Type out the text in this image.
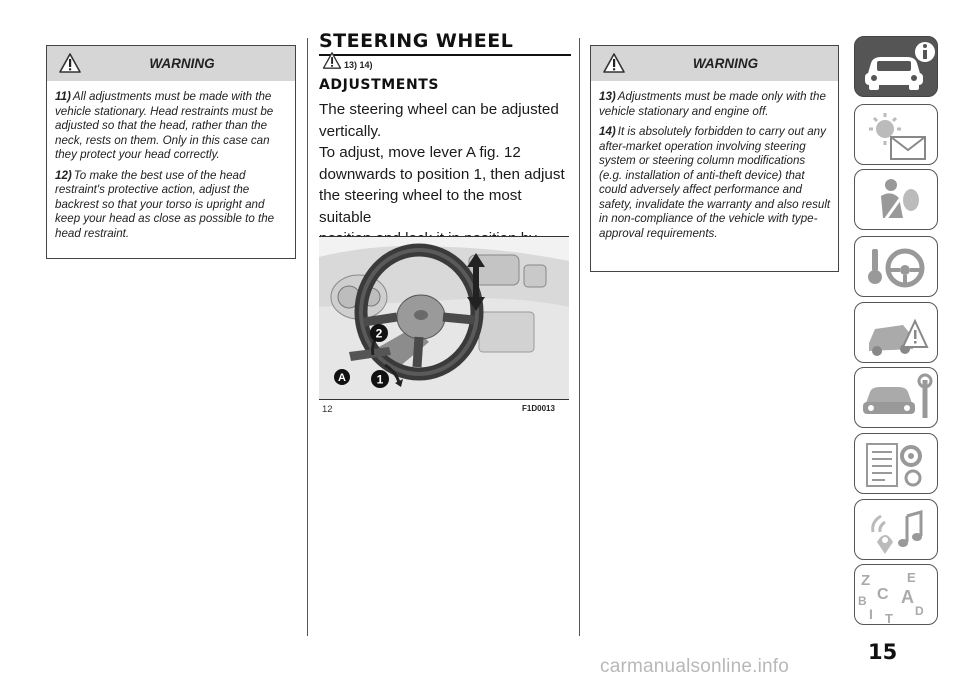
WARNING

11) All adjustments must be made with the vehicle stationary. Head restraints must be adjusted so that the head, rather than the neck, rests on them. Only in this case can they protect your head correctly.

12) To make the best use of the head restraint's protective action, adjust the backrest so that your torso is upright and keep your head as close as possible to the head restraint.

STEERING WHEEL
13) 14)
ADJUSTMENTS
The steering wheel can be adjusted
vertically.
To adjust, move lever A fig. 12
downwards to position 1, then adjust
the steering wheel to the most suitable
2
1
A
12	F1D0013
WARNING

13) Adjustments must be made only with the vehicle stationary and engine off.

14) It is absolutely forbidden to carry out any after-market operation involving steering system or steering column modifications (e.g. installation of anti-theft device) that could adversely affect performance and safety, invalidate the warranty and also result in non-compliance of the vehicle with type-approval requirements.

Z	E
B A
C
D
I T
15
carmanualsonline.info
